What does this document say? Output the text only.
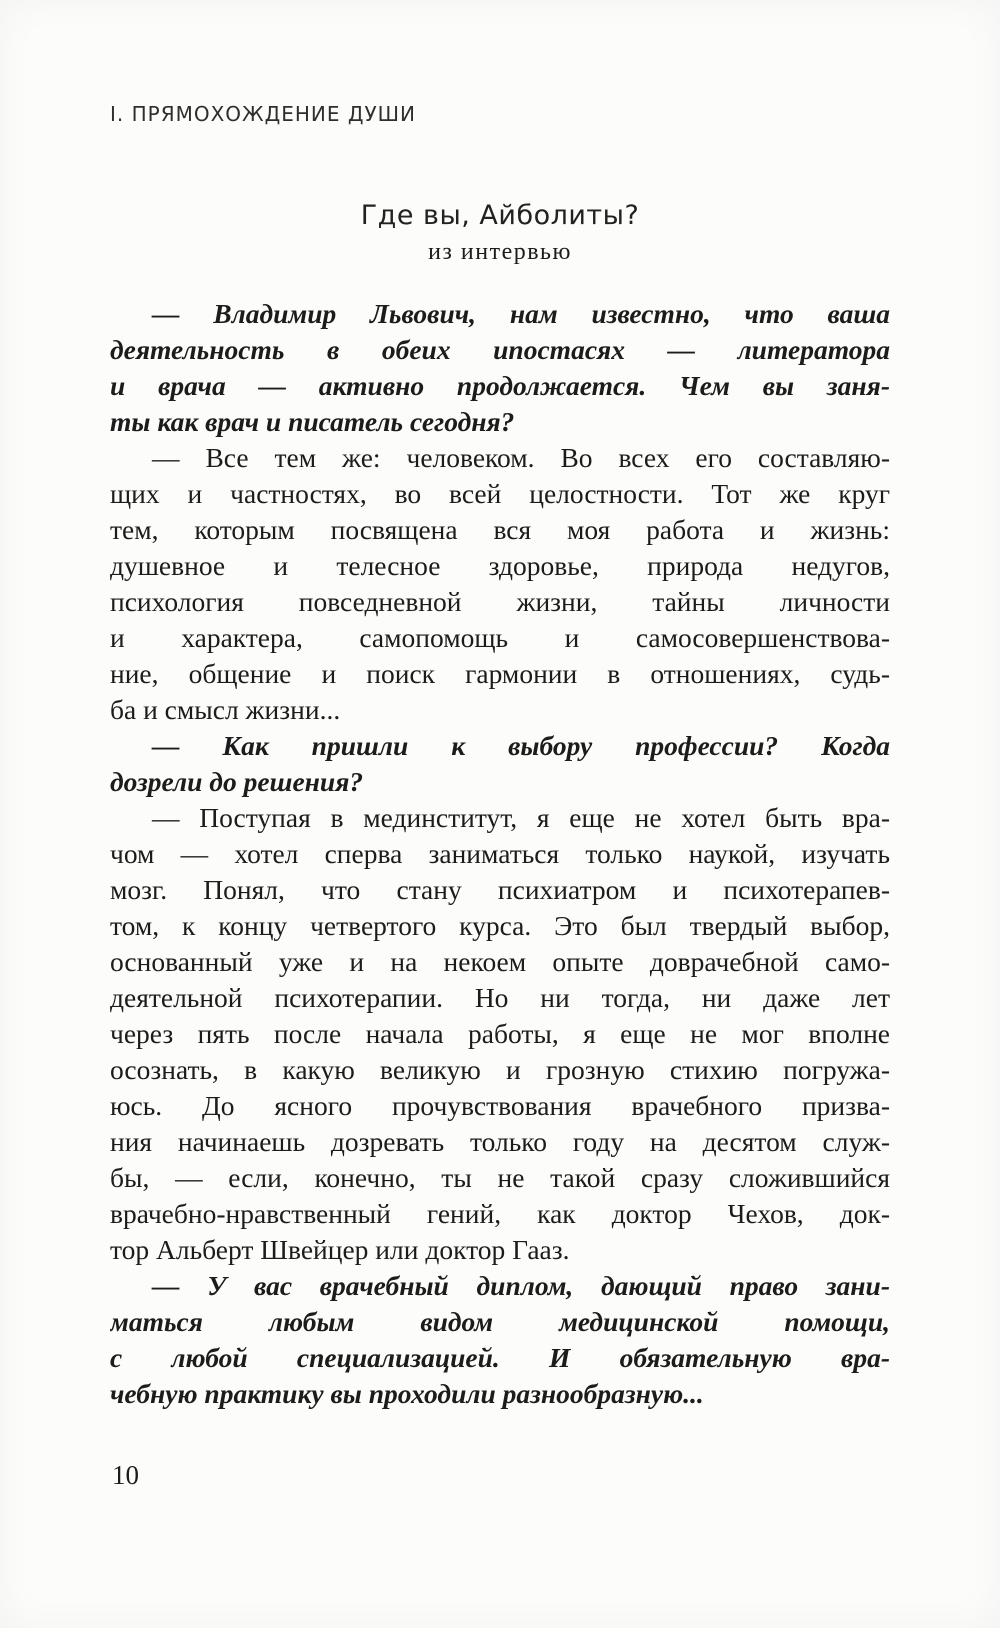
I. ПРЯМОХОЖДЕНИЕ ДУШИ
Где вы, Айболиты?
из интервью
— Владимир Львович, нам известно, что ваша
деятельность в обеих ипостасях — литератора
и врача — активно продолжается. Чем вы заня-
ты как врач и писатель сегодня?
— Все тем же: человеком. Во всех его составляю-
щих и частностях, во всей целостности. Тот же круг
тем, которым посвящена вся моя работа и жизнь:
душевное и телесное здоровье, природа недугов,
психология повседневной жизни, тайны личности
и характера, самопомощь и самосовершенствова-
ние, общение и поиск гармонии в отношениях, судь-
ба и смысл жизни...
— Как пришли к выбору профессии? Когда
дозрели до решения?
— Поступая в мединститут, я еще не хотел быть вра-
чом — хотел сперва заниматься только наукой, изучать
мозг. Понял, что стану психиатром и психотерапев-
том, к концу четвертого курса. Это был твердый выбор,
основанный уже и на некоем опыте доврачебной само-
деятельной психотерапии. Но ни тогда, ни даже лет
через пять после начала работы, я еще не мог вполне
осознать, в какую великую и грозную стихию погружа-
юсь. До ясного прочувствования врачебного призва-
ния начинаешь дозревать только году на десятом служ-
бы, — если, конечно, ты не такой сразу сложившийся
врачебно-нравственный гений, как доктор Чехов, док-
тор Альберт Швейцер или доктор Гааз.
— У вас врачебный диплом, дающий право зани-
маться любым видом медицинской помощи,
с любой специализацией. И обязательную вра-
чебную практику вы проходили разнообразную...
10
